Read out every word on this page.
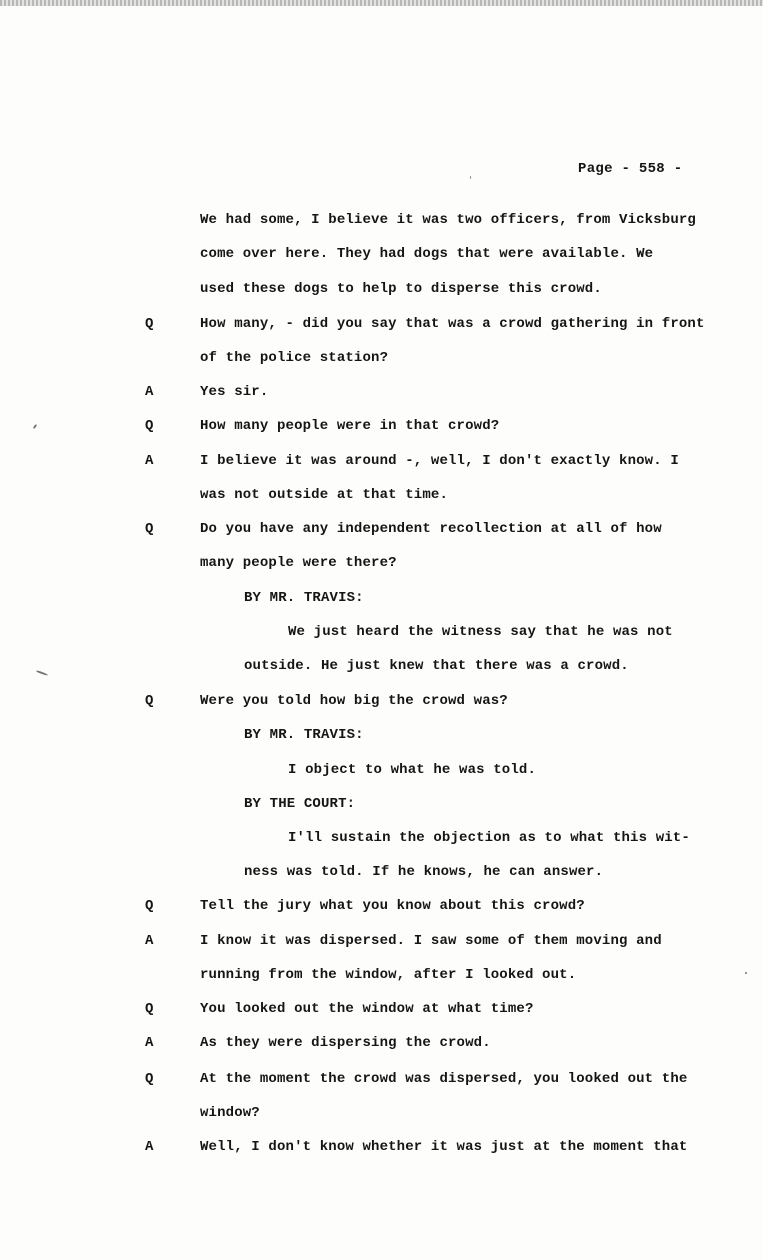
Page - 558 -
We had some, I believe it was two officers, from Vicksburg
come over here. They had dogs that were available. We
used these dogs to help to disperse this crowd.
Q	How many, - did you say that was a crowd gathering in front
of the police station?
A	Yes sir.
Q	How many people were in that crowd?
A	I believe it was around -, well, I don't exactly know. I
was not outside at that time.
Q	Do you have any independent recollection at all of how
many people were there?
BY MR. TRAVIS:
We just heard the witness say that he was not
outside. He just knew that there was a crowd.
Q	Were you told how big the crowd was?
BY MR. TRAVIS:
I object to what he was told.
BY THE COURT:
I'll sustain the objection as to what this wit-
ness was told. If he knows, he can answer.
Q	Tell the jury what you know about this crowd?
A	I know it was dispersed. I saw some of them moving and
running from the window, after I looked out.
Q	You looked out the window at what time?
A	As they were dispersing the crowd.
Q	At the moment the crowd was dispersed, you looked out the
window?
A	Well, I don't know whether it was just at the moment that
